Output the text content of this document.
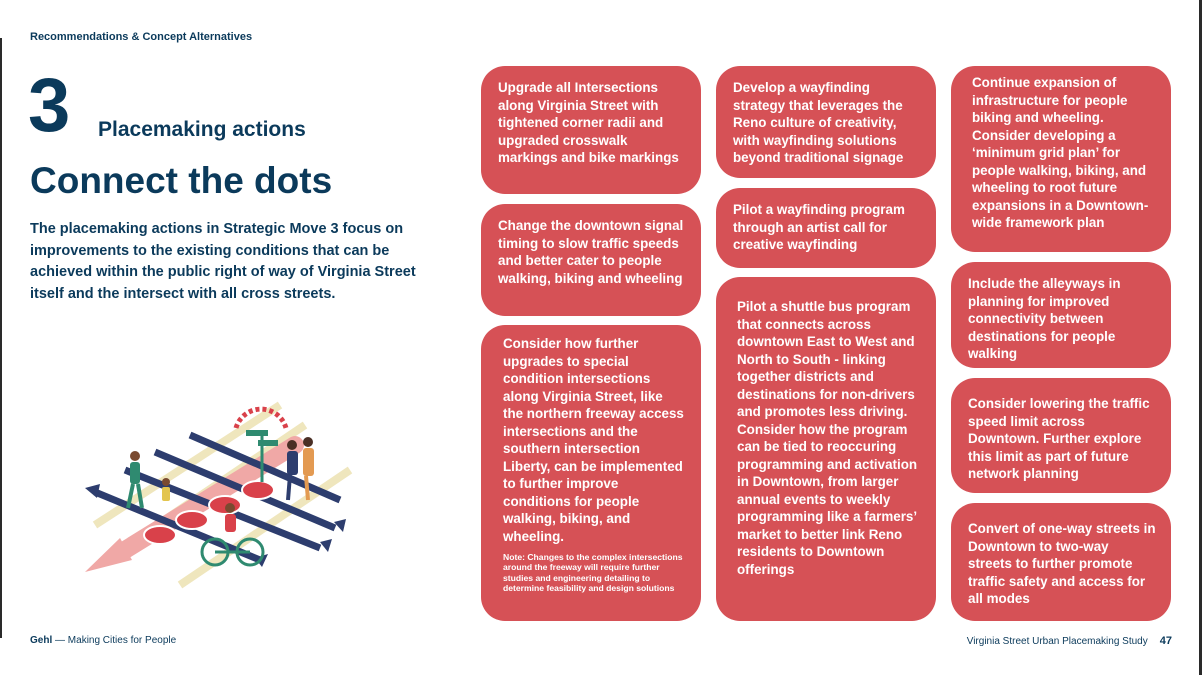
Recommendations & Concept Alternatives
3 Placemaking actions
Connect the dots
The placemaking actions in Strategic Move 3 focus on improvements to the existing conditions that can be achieved within the public right of way of Virginia Street itself and the intersect with all cross streets.
Upgrade all Intersections along Virginia Street with tightened corner radii and upgraded crosswalk markings and bike markings
Change the downtown signal timing to slow traffic speeds and better cater to people walking, biking and wheeling
Consider how further upgrades to special condition intersections along Virginia Street, like the northern freeway access intersections and the southern intersection Liberty, can be implemented to further improve conditions for people walking, biking, and wheeling.
Note: Changes to the complex intersections around the freeway will require further studies and engineering detailing to determine feasibility and design solutions
Develop a wayfinding strategy that leverages the Reno culture of creativity, with wayfinding solutions beyond traditional signage
Pilot a wayfinding program through an artist call for creative wayfinding
Pilot a shuttle bus program that connects across downtown East to West and North to South - linking together districts and destinations for non-drivers and promotes less driving. Consider how the program can be tied to reoccuring programming and activation in Downtown, from larger annual events to weekly programming like a farmers’ market to better link Reno residents to Downtown offerings
Continue expansion of infrastructure for people biking and wheeling. Consider developing a ‘minimum grid plan’ for people walking, biking, and wheeling to root future expansions in a Downtown-wide framework plan
Include the alleyways in planning for improved connectivity between destinations for people walking
Consider lowering the traffic speed limit across Downtown. Further explore this limit as part of future network planning
Convert of one-way streets in Downtown to two-way streets to further promote traffic safety and access for all modes
Gehl — Making Cities for People	Virginia Street Urban Placemaking Study 47
